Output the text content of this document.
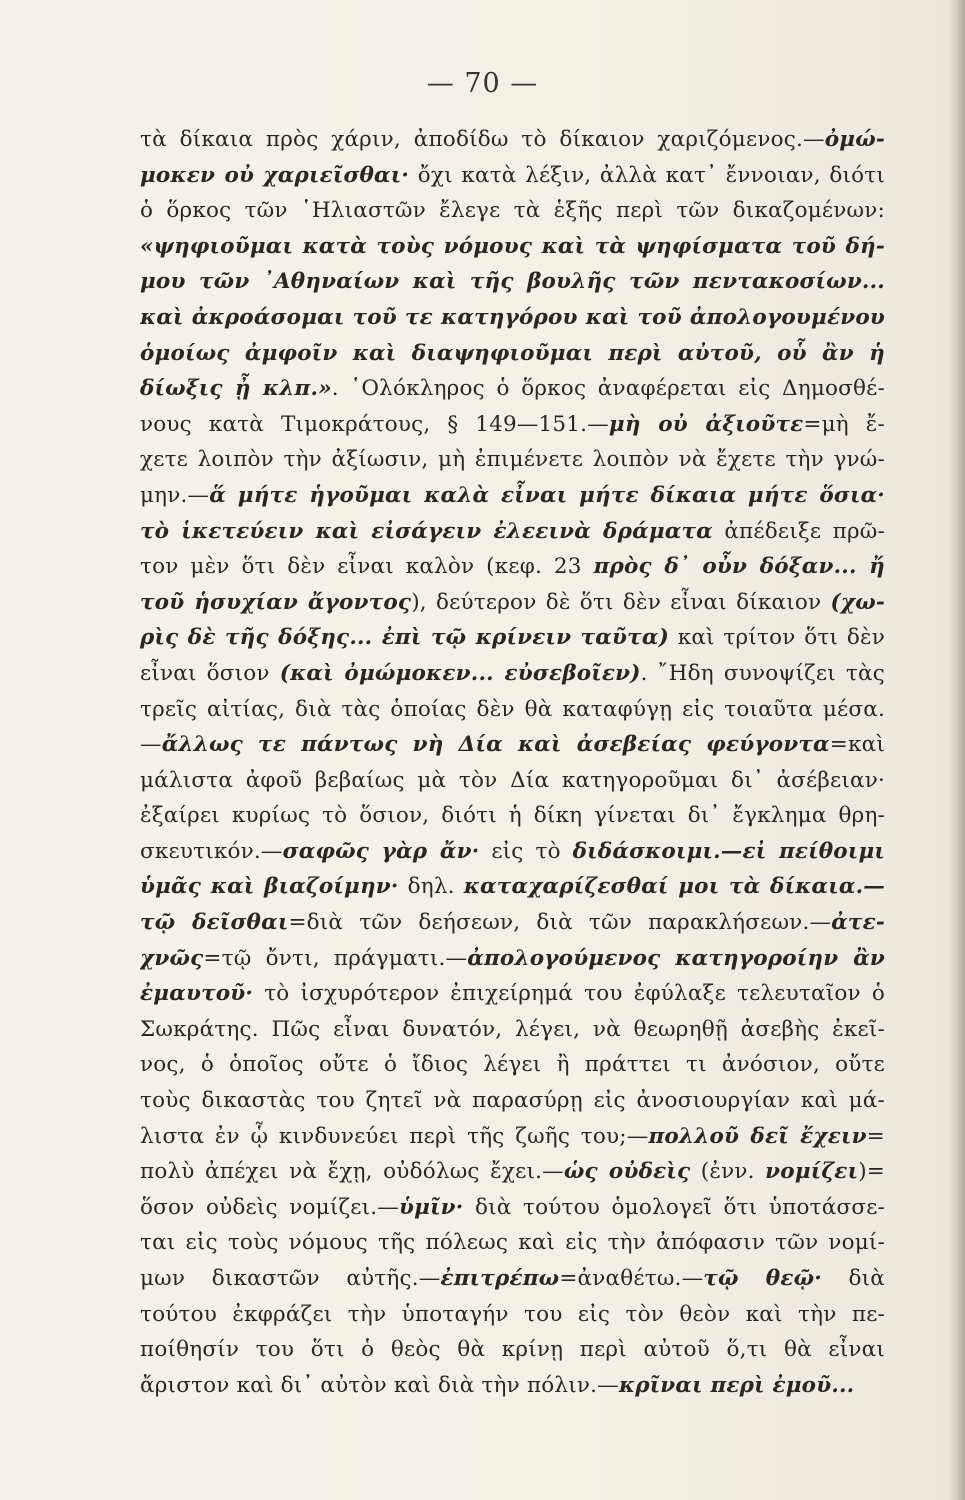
— 70 —
τὰ δίκαια πρὸς χάριν, ἀποδίδω τὸ δίκαιον χαριζόμενος.—ὀμώ-
μοκεν οὐ χαριεῖσθαι· ὄχι κατὰ λέξιν, ἀλλὰ κατ᾿ ἔννοιαν, διότι
ὁ ὅρκος τῶν ῾Ηλιαστῶν ἔλεγε τὰ ἑξῆς περὶ τῶν δικαζομένων:
«ψηφιοῦμαι κατὰ τοὺς νόμους καὶ τὰ ψηφίσματα τοῦ δή-
μου τῶν ᾿Αθηναίων καὶ τῆς βουλῆς τῶν πεντακοσίων...
καὶ ἀκροάσομαι τοῦ τε κατηγόρου καὶ τοῦ ἀπολογουμένου
ὁμοίως ἀμφοῖν καὶ διαψηφιοῦμαι περὶ αὐτοῦ, οὗ ἂν ἡ
δίωξις ᾖ κλπ.». ῾Ολόκληρος ὁ ὅρκος ἀναφέρεται εἰς Δημοσθέ-
νους κατὰ Τιμοκράτους, § 149—151.—μὴ οὐ ἀξιοῦτε=μὴ ἔ-
χετε λοιπὸν τὴν ἀξίωσιν, μὴ ἐπιμένετε λοιπὸν νὰ ἔχετε τὴν γνώ-
μην.—ἅ μήτε ἡγοῦμαι καλὰ εἶναι μήτε δίκαια μήτε ὅσια·
τὸ ἱκετεύειν καὶ εἰσάγειν ἐλεεινὰ δράματα ἀπέδειξε πρῶ-
τον μὲν ὅτι δὲν εἶναι καλὸν (κεφ. 23 πρὸς δ᾿ οὖν δόξαν... ἤ
τοῦ ἡσυχίαν ἄγοντος), δεύτερον δὲ ὅτι δὲν εἶναι δίκαιον (χω-
ρὶς δὲ τῆς δόξης... ἐπὶ τῷ κρίνειν ταῦτα) καὶ τρίτον ὅτι δὲν
εἶναι ὅσιον (καὶ ὀμώμοκεν... εὐσεβοῖεν). ῎Ηδη συνοψίζει τὰς
τρεῖς αἰτίας, διὰ τὰς ὁποίας δὲν θὰ καταφύγῃ εἰς τοιαῦτα μέσα.
—ἄλλως τε πάντως νὴ Δία καὶ ἀσεβείας φεύγοντα=καὶ
μάλιστα ἀφοῦ βεβαίως μὰ τὸν Δία κατηγοροῦμαι δι᾿ ἀσέβειαν·
ἐξαίρει κυρίως τὸ ὅσιον, διότι ἡ δίκη γίνεται δι᾿ ἔγκλημα θρη-
σκευτικόν.—σαφῶς γὰρ ἄν· εἰς τὸ διδάσκοιμι.—εἰ πείθοιμι
ὑμᾶς καὶ βιαζοίμην· δηλ. καταχαρίζεσθαί μοι τὰ δίκαια.—
τῷ δεῖσθαι=διὰ τῶν δεήσεων, διὰ τῶν παρακλήσεων.—ἀτε-
χνῶς=τῷ ὄντι, πράγματι.—ἀπολογούμενος κατηγοροίην ἂν
ἐμαυτοῦ· τὸ ἰσχυρότερον ἐπιχείρημά του ἐφύλαξε τελευταῖον ὁ
Σωκράτης. Πῶς εἶναι δυνατόν, λέγει, νὰ θεωρηθῇ ἀσεβὴς ἐκεῖ-
νος, ὁ ὁποῖος οὔτε ὁ ἴδιος λέγει ἢ πράττει τι ἀνόσιον, οὔτε
τοὺς δικαστὰς του ζητεῖ νὰ παρασύρῃ εἰς ἀνοσιουργίαν καὶ μά-
λιστα ἐν ᾧ κινδυνεύει περὶ τῆς ζωῆς του;—πολλοῦ δεῖ ἔχειν=
πολὺ ἀπέχει νὰ ἔχῃ, οὐδόλως ἔχει.—ὡς οὐδεὶς (ἐνν. νομίζει)=
ὅσον οὐδεὶς νομίζει.—ὑμῖν· διὰ τούτου ὁμολογεῖ ὅτι ὑποτάσσε-
ται εἰς τοὺς νόμους τῆς πόλεως καὶ εἰς τὴν ἀπόφασιν τῶν νομί-
μων δικαστῶν αὐτῆς.—ἐπιτρέπω=ἀναθέτω.—τῷ θεῷ· διὰ
τούτου ἐκφράζει τὴν ὑποταγήν του εἰς τὸν θεὸν καὶ τὴν πε-
ποίθησίν του ὅτι ὁ θεὸς θὰ κρίνῃ περὶ αὐτοῦ ὅ,τι θὰ εἶναι
ἄριστον καὶ δι᾿ αὐτὸν καὶ διὰ τὴν πόλιν.—κρῖναι περὶ ἐμοῦ...
